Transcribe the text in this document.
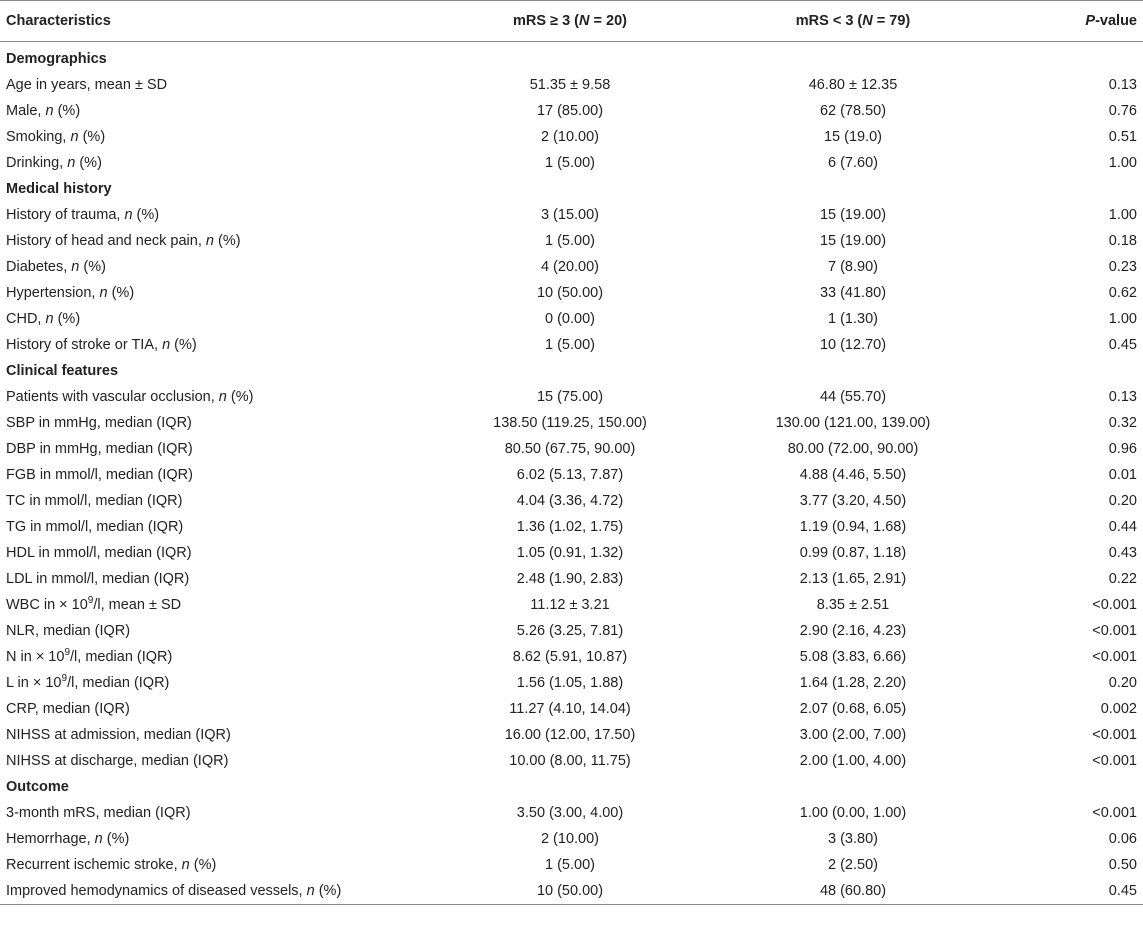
Characteristics	mRS ≥ 3 (N = 20)	mRS < 3 (N = 79)	P-value

Demographics			
Age in years, mean ± SD	51.35 ± 9.58	46.80 ± 12.35	0.13
Male, n (%)	17 (85.00)	62 (78.50)	0.76
Smoking, n (%)	2 (10.00)	15 (19.0)	0.51
Drinking, n (%)	1 (5.00)	6 (7.60)	1.00
Medical history			
History of trauma, n (%)	3 (15.00)	15 (19.00)	1.00
History of head and neck pain, n (%)	1 (5.00)	15 (19.00)	0.18
Diabetes, n (%)	4 (20.00)	7 (8.90)	0.23
Hypertension, n (%)	10 (50.00)	33 (41.80)	0.62
CHD, n (%)	0 (0.00)	1 (1.30)	1.00
History of stroke or TIA, n (%)	1 (5.00)	10 (12.70)	0.45
Clinical features			
Patients with vascular occlusion, n (%)	15 (75.00)	44 (55.70)	0.13
SBP in mmHg, median (IQR)	138.50 (119.25, 150.00)	130.00 (121.00, 139.00)	0.32
DBP in mmHg, median (IQR)	80.50 (67.75, 90.00)	80.00 (72.00, 90.00)	0.96
FGB in mmol/l, median (IQR)	6.02 (5.13, 7.87)	4.88 (4.46, 5.50)	0.01
TC in mmol/l, median (IQR)	4.04 (3.36, 4.72)	3.77 (3.20, 4.50)	0.20
TG in mmol/l, median (IQR)	1.36 (1.02, 1.75)	1.19 (0.94, 1.68)	0.44
HDL in mmol/l, median (IQR)	1.05 (0.91, 1.32)	0.99 (0.87, 1.18)	0.43
LDL in mmol/l, median (IQR)	2.48 (1.90, 2.83)	2.13 (1.65, 2.91)	0.22
WBC in × $10^9/l$, mean ± SD	11.12 ± 3.21	8.35 ± 2.51	<0.001
NLR, median (IQR)	5.26 (3.25, 7.81)	2.90 (2.16, 4.23)	<0.001
N in × $10^9/l$, median (IQR)	8.62 (5.91, 10.87)	5.08 (3.83, 6.66)	<0.001
L in × $10^9/l$, median (IQR)	1.56 (1.05, 1.88)	1.64 (1.28, 2.20)	0.20
CRP, median (IQR)	11.27 (4.10, 14.04)	2.07 (0.68, 6.05)	0.002
NIHSS at admission, median (IQR)	16.00 (12.00, 17.50)	3.00 (2.00, 7.00)	<0.001
NIHSS at discharge, median (IQR)	10.00 (8.00, 11.75)	2.00 (1.00, 4.00)	<0.001
Outcome			
3-month mRS, median (IQR)	3.50 (3.00, 4.00)	1.00 (0.00, 1.00)	<0.001
Hemorrhage, n (%)	2 (10.00)	3 (3.80)	0.06
Recurrent ischemic stroke, n (%)	1 (5.00)	2 (2.50)	0.50
Improved hemodynamics of diseased vessels, n (%)	10 (50.00)	48 (60.80)	0.45
